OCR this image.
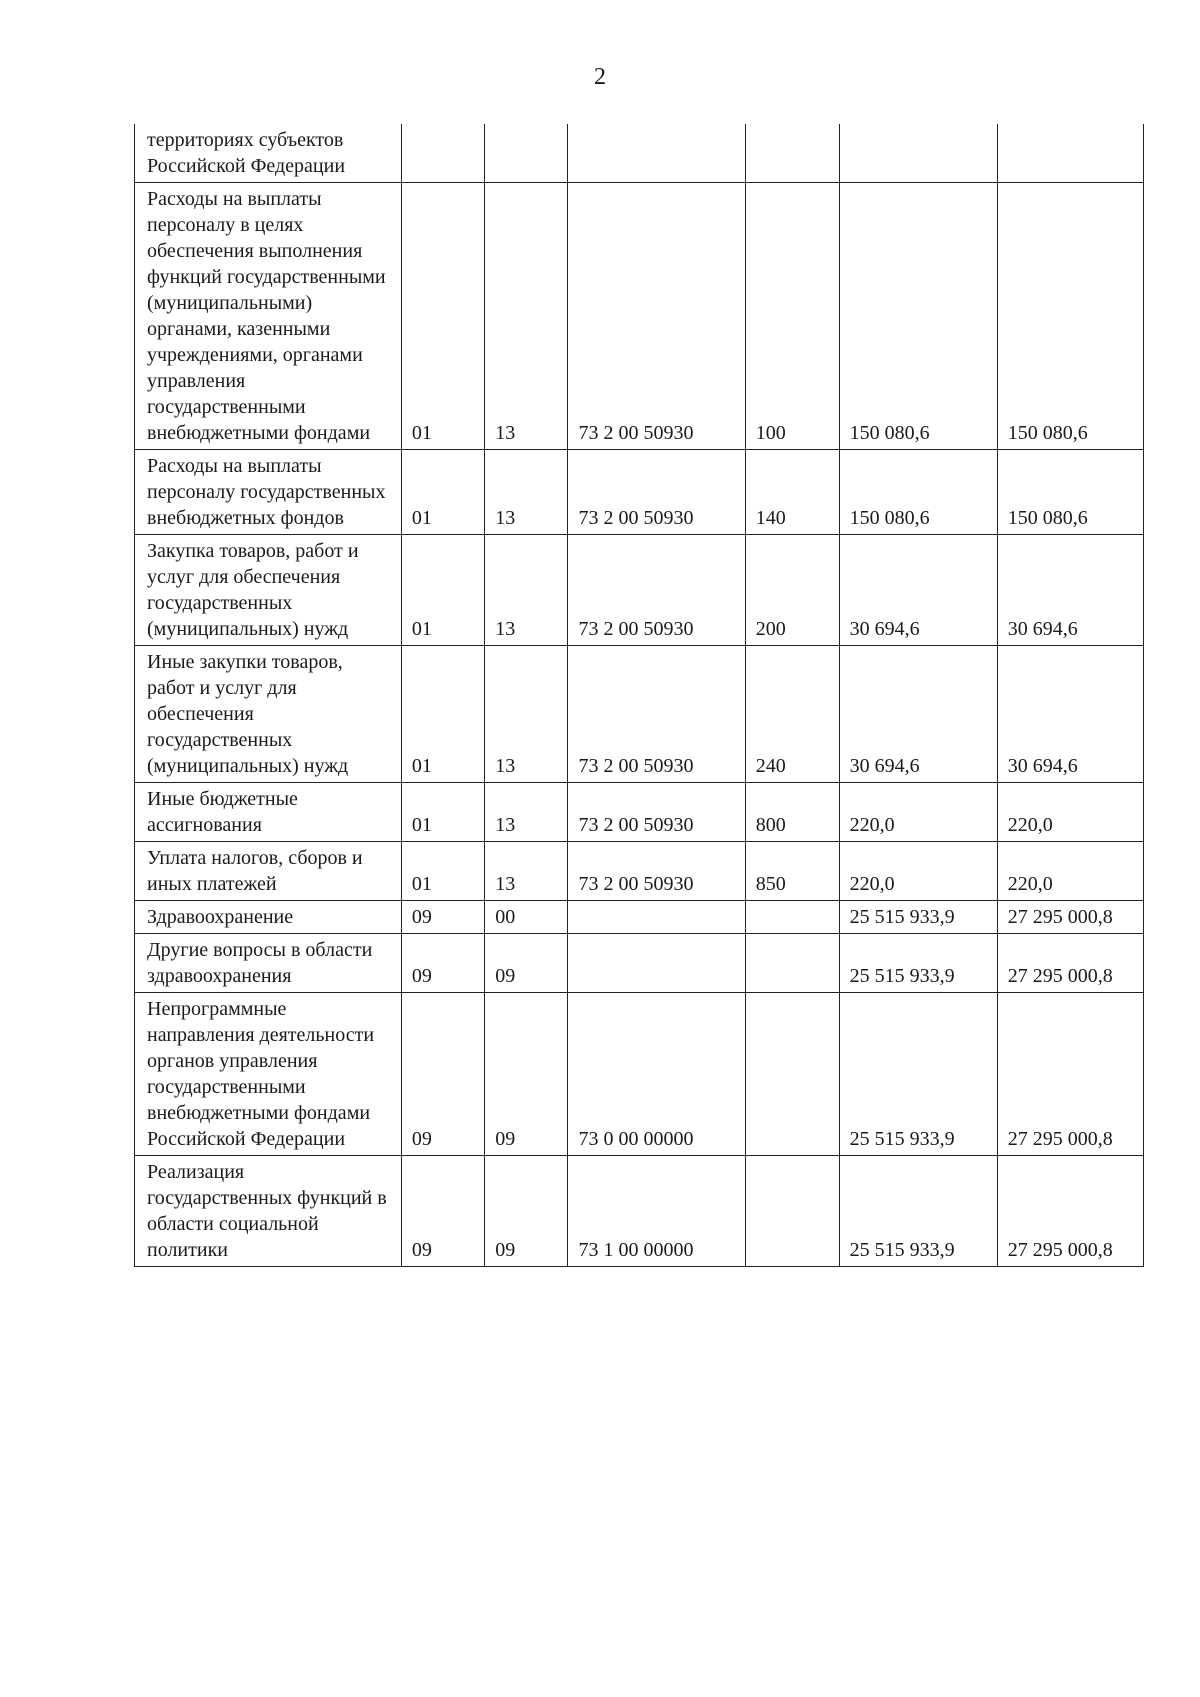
2
территориях субъектов Российской Федерации						
Расходы на выплаты персоналу в целях обеспечения выполнения функций государственными (муниципальными) органами, казенными учреждениями, органами управления государственными внебюджетными фондами	01	13	73 2 00 50930	100	150 080,6	150 080,6
Расходы на выплаты персоналу государственных внебюджетных фондов	01	13	73 2 00 50930	140	150 080,6	150 080,6
Закупка товаров, работ и услуг для обеспечения государственных (муниципальных) нужд	01	13	73 2 00 50930	200	30 694,6	30 694,6
Иные закупки товаров, работ и услуг для обеспечения государственных (муниципальных) нужд	01	13	73 2 00 50930	240	30 694,6	30 694,6
Иные бюджетные ассигнования	01	13	73 2 00 50930	800	220,0	220,0
Уплата налогов, сборов и иных платежей	01	13	73 2 00 50930	850	220,0	220,0
Здравоохранение	09	00			25 515 933,9	27 295 000,8
Другие вопросы в области здравоохранения	09	09			25 515 933,9	27 295 000,8
Непрограммные направления деятельности органов управления государственными внебюджетными фондами Российской Федерации	09	09	73 0 00 00000		25 515 933,9	27 295 000,8
Реализация государственных функций в области социальной политики	09	09	73 1 00 00000		25 515 933,9	27 295 000,8
